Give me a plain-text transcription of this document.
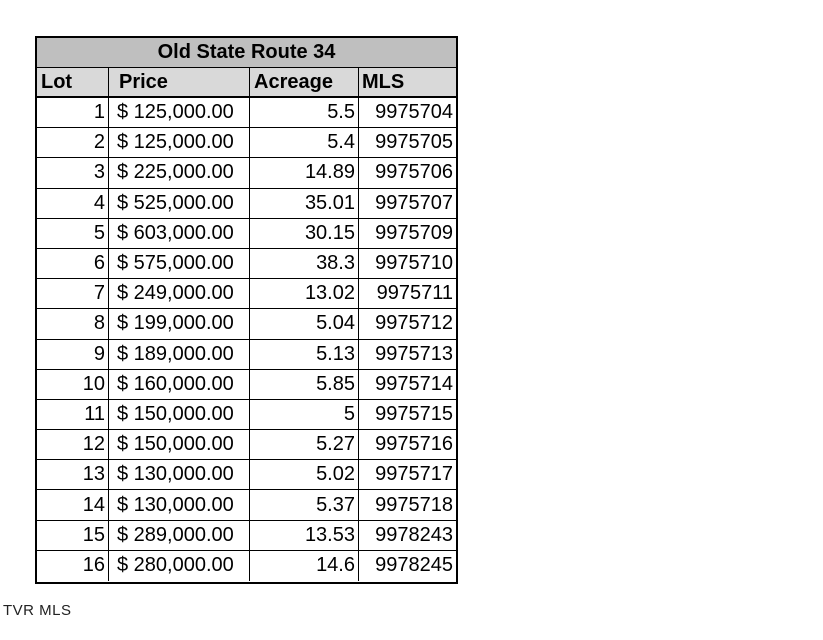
Old State Route 34
Lot	Price	Acreage	MLS
1 $ 125,000.00	5.5	9975704
2 $ 125,000.00	5.4	9975705
3 $ 225,000.00	14.89	9975706
4 $ 525,000.00	35.01	9975707
5 $ 603,000.00	30.15	9975709
6 $ 575,000.00	38.3	9975710
7 $ 249,000.00	13.02	9975711
8 $ 199,000.00	5.04	9975712
9 $ 189,000.00	5.13	9975713
10 $ 160,000.00	5.85	9975714
11 $ 150,000.00	5	9975715
12 $ 150,000.00	5.27	9975716
13 $ 130,000.00	5.02	9975717
14 $ 130,000.00	5.37	9975718
15 $ 289,000.00	13.53	9978243
16 $ 280,000.00	14.6	9978245
TVR MLS
